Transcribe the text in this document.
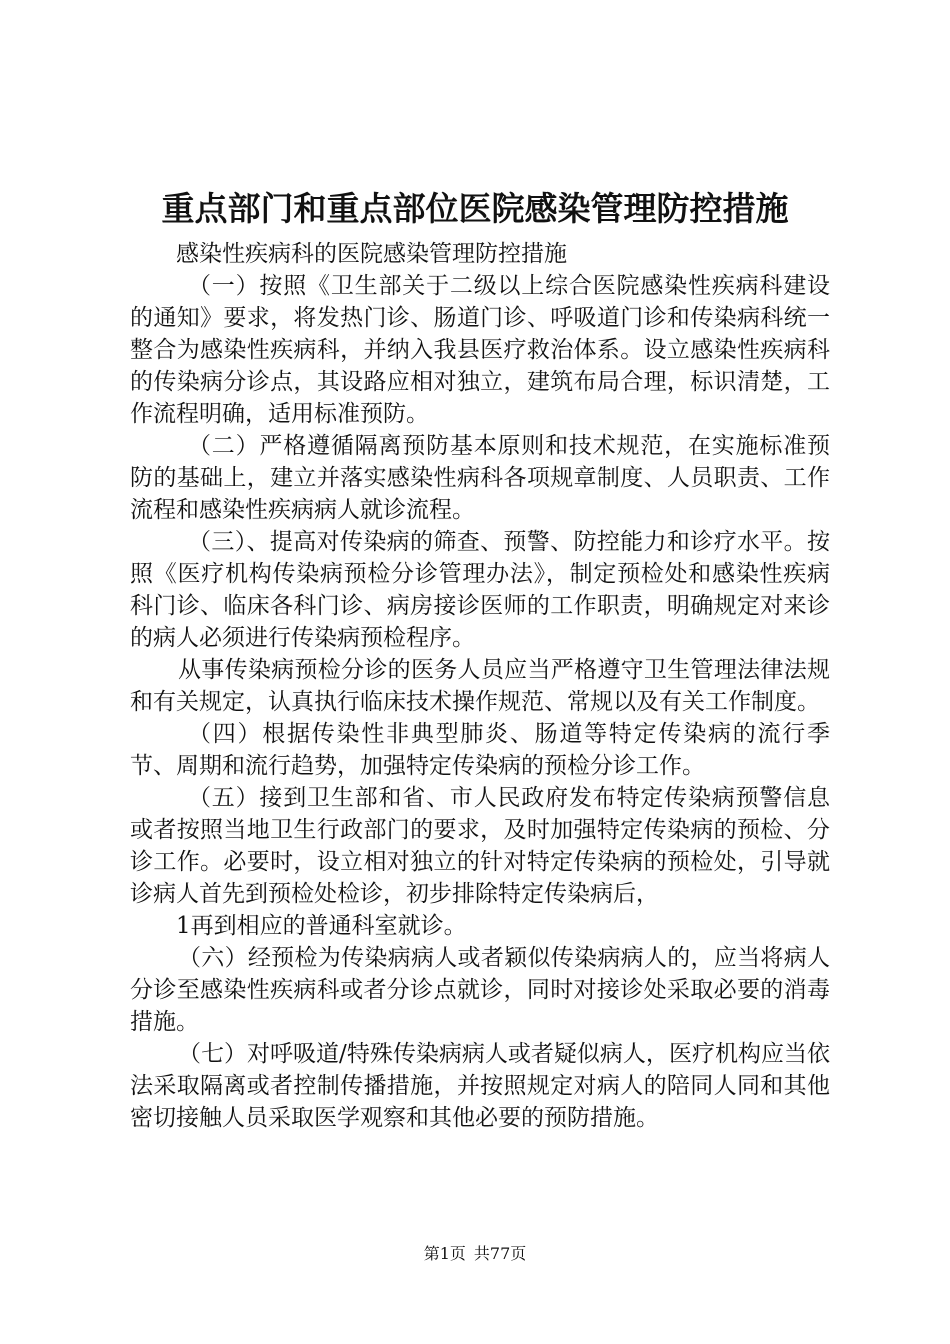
重点部门和重点部位医院感染管理防控措施

感染性疾病科的医院感染管理防控措施

（一）按照《卫生部关于二级以上综合医院感染性疾病科建设的通知》要求，将发热门诊、肠道门诊、呼吸道门诊和传染病科统一整合为感染性疾病科，并纳入我县医疗救治体系。设立感染性疾病科的传染病分诊点，其设路应相对独立，建筑布局合理，标识清楚，工作流程明确，适用标准预防。

（二）严格遵循隔离预防基本原则和技术规范，在实施标准预防的基础上，建立并落实感染性病科各项规章制度、人员职责、工作流程和感染性疾病病人就诊流程。

（三）、提高对传染病的筛查、预警、防控能力和诊疗水平。按照《医疗机构传染病预检分诊管理办法》，制定预检处和感染性疾病科门诊、临床各科门诊、病房接诊医师的工作职责，明确规定对来诊的病人必须进行传染病预检程序。

从事传染病预检分诊的医务人员应当严格遵守卫生管理法律法规和有关规定，认真执行临床技术操作规范、常规以及有关工作制度。

（四）根据传染性非典型肺炎、肠道等特定传染病的流行季节、周期和流行趋势，加强特定传染病的预检分诊工作。

（五）接到卫生部和省、市人民政府发布特定传染病预警信息或者按照当地卫生行政部门的要求，及时加强特定传染病的预检、分诊工作。必要时，设立相对独立的针对特定传染病的预检处，引导就诊病人首先到预检处检诊，初步排除特定传染病后，

1再到相应的普通科室就诊。

（六）经预检为传染病病人或者颖似传染病病人的，应当将病人分诊至感染性疾病科或者分诊点就诊，同时对接诊处采取必要的消毒措施。

（七）对呼吸道/特殊传染病病人或者疑似病人，医疗机构应当依法采取隔离或者控制传播措施，并按照规定对病人的陪同人同和其他密切接触人员采取医学观察和其他必要的预防措施。

第1页 共77页
